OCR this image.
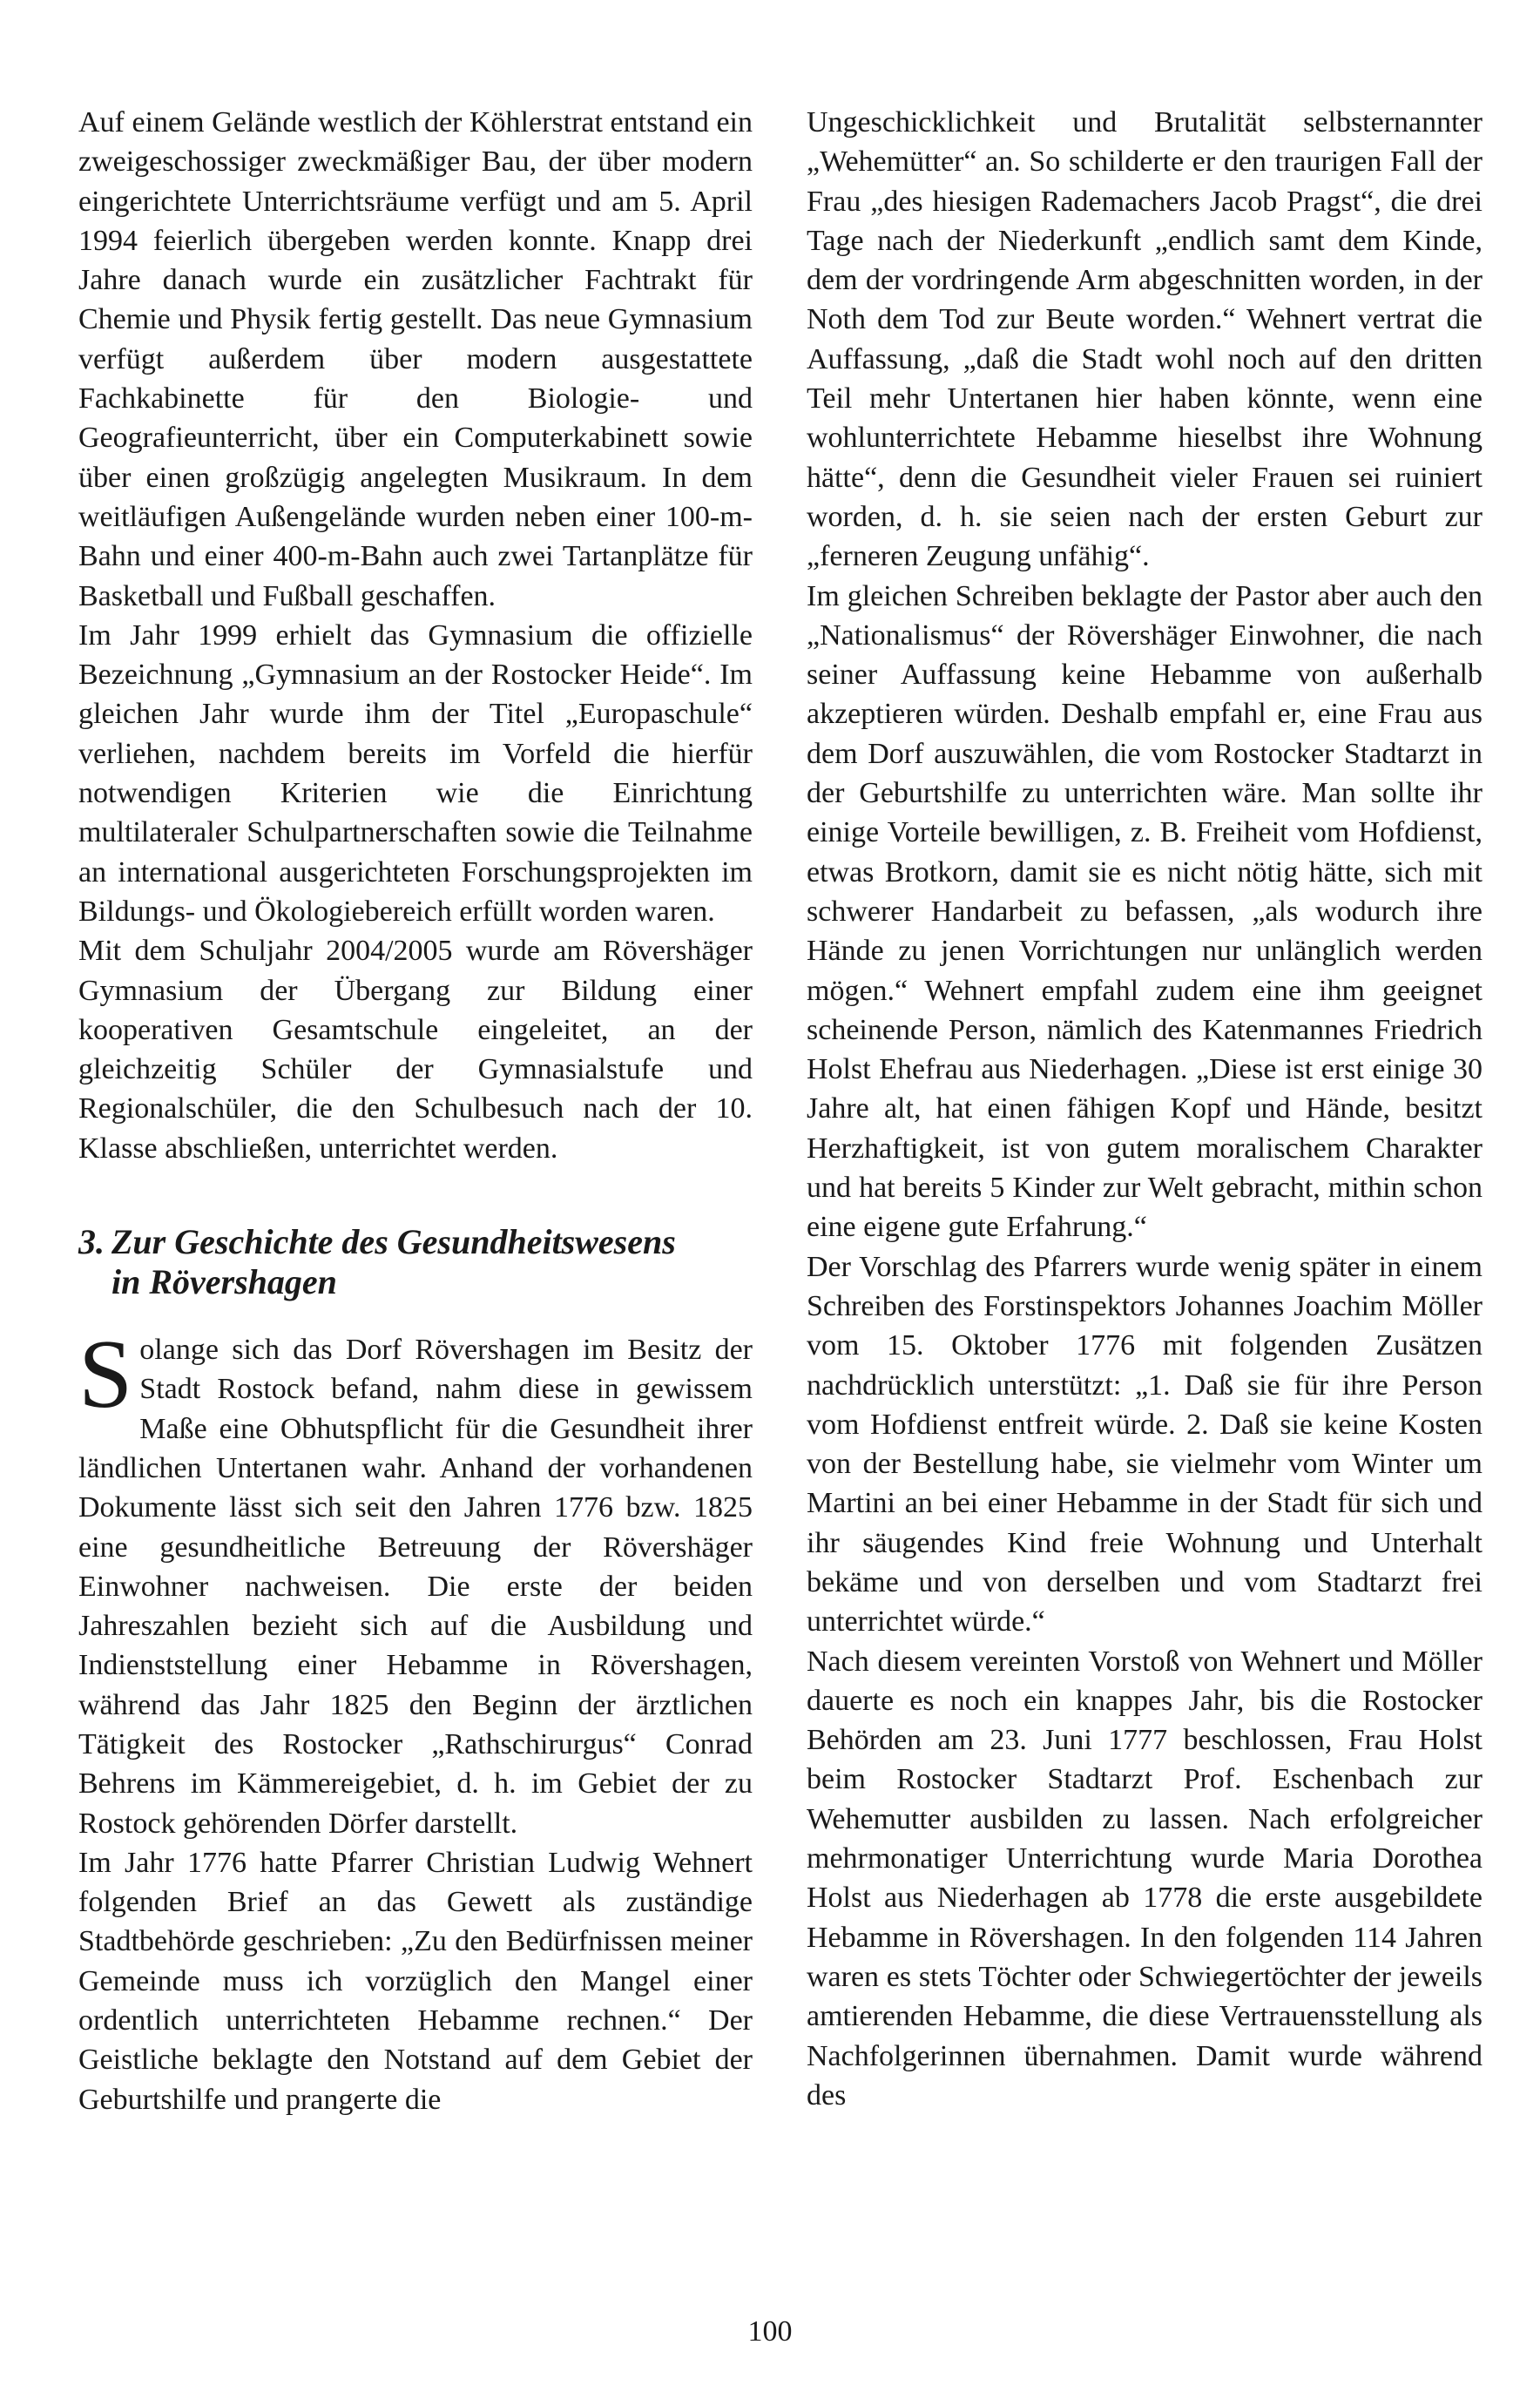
Auf einem Gelände westlich der Köhlerstrat entstand ein zweigeschossiger zweckmäßiger Bau, der über modern eingerichtete Unterrichtsräume verfügt und am 5. April 1994 feierlich übergeben werden konnte. Knapp drei Jahre danach wurde ein zusätzlicher Fachtrakt für Chemie und Physik fertig gestellt. Das neue Gymnasium verfügt außerdem über modern ausgestattete Fachkabinette für den Biologie- und Geografieunterricht, über ein Computerkabinett sowie über einen großzügig angelegten Musikraum. In dem weitläufigen Außengelände wurden neben einer 100-m-Bahn und einer 400-m-Bahn auch zwei Tartanplätze für Basketball und Fußball geschaffen.

Im Jahr 1999 erhielt das Gymnasium die offizielle Bezeichnung „Gymnasium an der Rostocker Heide“. Im gleichen Jahr wurde ihm der Titel „Europaschule“ verliehen, nachdem bereits im Vorfeld die hierfür notwendigen Kriterien wie die Einrichtung multilateraler Schulpartnerschaften sowie die Teilnahme an international ausgerichteten Forschungsprojekten im Bildungs- und Ökologiebereich erfüllt worden waren.

Mit dem Schuljahr 2004/2005 wurde am Rövershäger Gymnasium der Übergang zur Bildung einer kooperativen Gesamtschule eingeleitet, an der gleichzeitig Schüler der Gymnasialstufe und Regionalschüler, die den Schulbesuch nach der 10. Klasse abschließen, unterrichtet werden.

3. Zur Geschichte des Gesundheitswesens
in Rövershagen

Solange sich das Dorf Rövershagen im Besitz der Stadt Rostock befand, nahm diese in gewissem Maße eine Obhutspflicht für die Gesundheit ihrer ländlichen Untertanen wahr. Anhand der vorhandenen Dokumente lässt sich seit den Jahren 1776 bzw. 1825 eine gesundheitliche Betreuung der Rövershäger Einwohner nachweisen. Die erste der beiden Jahreszahlen bezieht sich auf die Ausbildung und Indienststellung einer Hebamme in Rövershagen, während das Jahr 1825 den Beginn der ärztlichen Tätigkeit des Rostocker „Rathschirurgus“ Conrad Behrens im Kämmereigebiet, d. h. im Gebiet der zu Rostock gehörenden Dörfer darstellt.

Im Jahr 1776 hatte Pfarrer Christian Ludwig Wehnert folgenden Brief an das Gewett als zuständige Stadtbehörde geschrieben: „Zu den Bedürfnissen meiner Gemeinde muss ich vorzüglich den Mangel einer ordentlich unterrichteten Hebamme rechnen.“ Der Geistliche beklagte den Notstand auf dem Gebiet der Geburtshilfe und prangerte die

Ungeschicklichkeit und Brutalität selbsternannter „Wehemütter“ an. So schilderte er den traurigen Fall der Frau „des hiesigen Rademachers Jacob Pragst“, die drei Tage nach der Niederkunft „endlich samt dem Kinde, dem der vordringende Arm abgeschnitten worden, in der Noth dem Tod zur Beute worden.“ Wehnert vertrat die Auffassung, „daß die Stadt wohl noch auf den dritten Teil mehr Untertanen hier haben könnte, wenn eine wohlunterrichtete Hebamme hieselbst ihre Wohnung hätte“, denn die Gesundheit vieler Frauen sei ruiniert worden, d. h. sie seien nach der ersten Geburt zur „ferneren Zeugung unfähig“.

Im gleichen Schreiben beklagte der Pastor aber auch den „Nationalismus“ der Rövershäger Einwohner, die nach seiner Auffassung keine Hebamme von außerhalb akzeptieren würden. Deshalb empfahl er, eine Frau aus dem Dorf auszuwählen, die vom Rostocker Stadtarzt in der Geburtshilfe zu unterrichten wäre. Man sollte ihr einige Vorteile bewilligen, z. B. Freiheit vom Hofdienst, etwas Brotkorn, damit sie es nicht nötig hätte, sich mit schwerer Handarbeit zu befassen, „als wodurch ihre Hände zu jenen Vorrichtungen nur unlänglich werden mögen.“ Wehnert empfahl zudem eine ihm geeignet scheinende Person, nämlich des Katenmannes Friedrich Holst Ehefrau aus Niederhagen. „Diese ist erst einige 30 Jahre alt, hat einen fähigen Kopf und Hände, besitzt Herzhaftigkeit, ist von gutem moralischem Charakter und hat bereits 5 Kinder zur Welt gebracht, mithin schon eine eigene gute Erfahrung.“

Der Vorschlag des Pfarrers wurde wenig später in einem Schreiben des Forstinspektors Johannes Joachim Möller vom 15. Oktober 1776 mit folgenden Zusätzen nachdrücklich unterstützt: „1. Daß sie für ihre Person vom Hofdienst entfreit würde. 2. Daß sie keine Kosten von der Bestellung habe, sie vielmehr vom Winter um Martini an bei einer Hebamme in der Stadt für sich und ihr säugendes Kind freie Wohnung und Unterhalt bekäme und von derselben und vom Stadtarzt frei unterrichtet würde.“

Nach diesem vereinten Vorstoß von Wehnert und Möller dauerte es noch ein knappes Jahr, bis die Rostocker Behörden am 23. Juni 1777 beschlossen, Frau Holst beim Rostocker Stadtarzt Prof. Eschenbach zur Wehemutter ausbilden zu lassen. Nach erfolgreicher mehrmonatiger Unterrichtung wurde Maria Dorothea Holst aus Niederhagen ab 1778 die erste ausgebildete Hebamme in Rövershagen. In den folgenden 114 Jahren waren es stets Töchter oder Schwiegertöchter der jeweils amtierenden Hebamme, die diese Vertrauensstellung als Nachfolgerinnen übernahmen. Damit wurde während des

100
